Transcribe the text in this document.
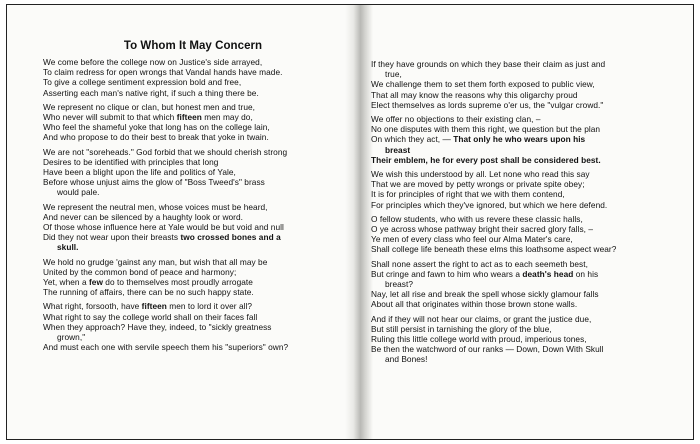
To Whom It May Concern
We come before the college now on Justice's side arrayed,
To claim redress for open wrongs that Vandal hands have made.
To give a college sentiment expression bold and free,
Asserting each man's native right, if such a thing there be.
We represent no clique or clan, but honest men and true,
Who never will submit to that which fifteen men may do,
Who feel the shameful yoke that long has on the college lain,
And who propose to do their best to break that yoke in twain.
We are not "soreheads." God forbid that we should cherish strong
Desires to be identified with principles that long
Have been a blight upon the life and politics of Yale,
Before whose unjust aims the glow of "Boss Tweed's" brass
would pale.
We represent the neutral men, whose voices must be heard,
And never can be silenced by a haughty look or word.
Of those whose influence here at Yale would be but void and null
Did they not wear upon their breasts two crossed bones and a
skull.
We hold no grudge 'gainst any man, but wish that all may be
United by the common bond of peace and harmony;
Yet, when a few do to themselves most proudly arrogate
The running of affairs, there can be no such happy state.
What right, forsooth, have fifteen men to lord it over all?
What right to say the college world shall on their faces fall
When they approach? Have they, indeed, to "sickly greatness
grown,"
And must each one with servile speech them his "superiors" own?
If they have grounds on which they base their claim as just and
true,
We challenge them to set them forth exposed to public view,
That all may know the reasons why this oligarchy proud
Elect themselves as lords supreme o'er us, the "vulgar crowd."
We offer no objections to their existing clan, –
No one disputes with them this right, we question but the plan
On which they act, — That only he who wears upon his
breast
Their emblem, he for every post shall be considered best.
We wish this understood by all. Let none who read this say
That we are moved by petty wrongs or private spite obey;
It is for principles of right that we with them contend,
For principles which they've ignored, but which we here defend.
O fellow students, who with us revere these classic halls,
O ye across whose pathway bright their sacred glory falls, –
Ye men of every class who feel our Alma Mater's care,
Shall college life beneath these elms this loathsome aspect wear?
Shall none assert the right to act as to each seemeth best,
But cringe and fawn to him who wears a death's head on his
breast?
Nay, let all rise and break the spell whose sickly glamour falls
About all that originates within those brown stone walls.
And if they will not hear our claims, or grant the justice due,
But still persist in tarnishing the glory of the blue,
Ruling this little college world with proud, imperious tones,
Be then the watchword of our ranks — Down, Down With Skull
and Bones!
